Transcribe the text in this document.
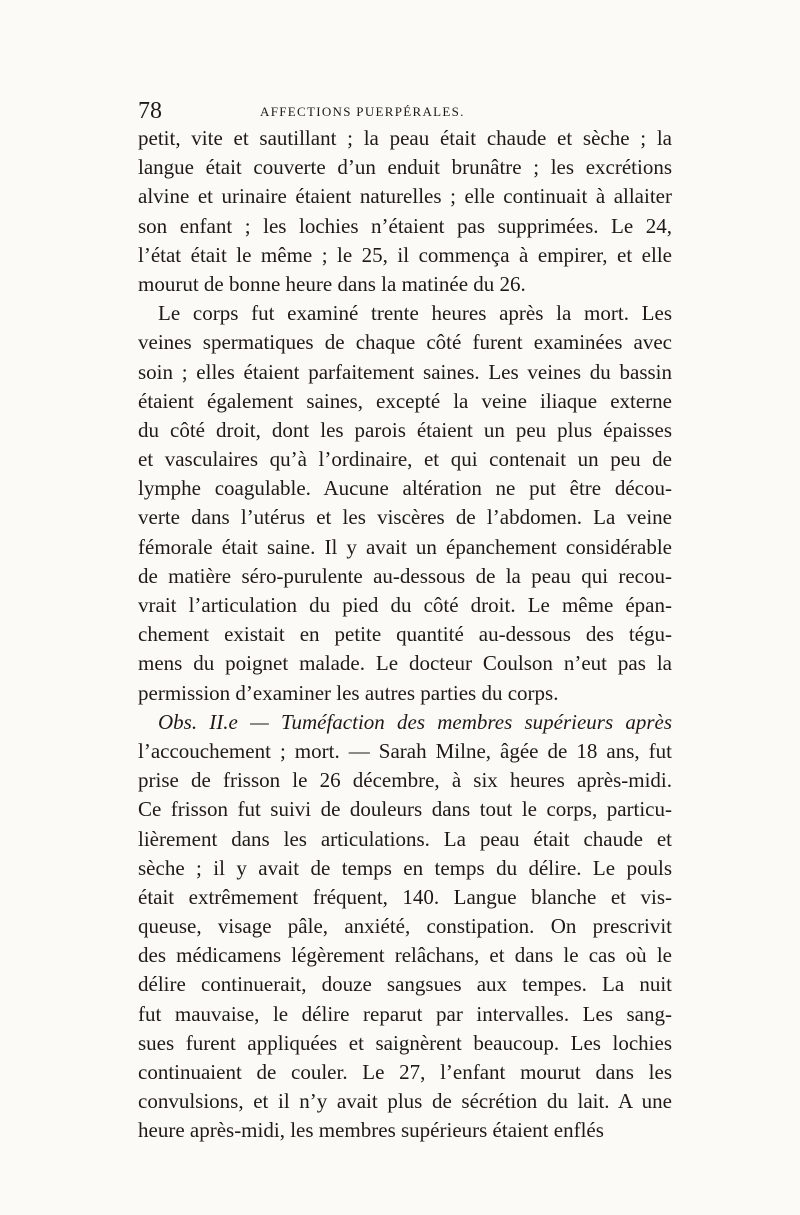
78	AFFECTIONS PUERPÉRALES.
petit, vite et sautillant ; la peau était chaude et sèche ; la
langue était couverte d’un enduit brunâtre ; les excrétions
alvine et urinaire étaient naturelles ; elle continuait à allaiter
son enfant ; les lochies n’étaient pas supprimées. Le 24,
l’état était le même ; le 25, il commença à empirer, et elle
mourut de bonne heure dans la matinée du 26.
Le corps fut examiné trente heures après la mort. Les
veines spermatiques de chaque côté furent examinées avec
soin ; elles étaient parfaitement saines. Les veines du bassin
étaient également saines, excepté la veine iliaque externe
du côté droit, dont les parois étaient un peu plus épaisses
et vasculaires qu’à l’ordinaire, et qui contenait un peu de
lymphe coagulable. Aucune altération ne put être décou-
verte dans l’utérus et les viscères de l’abdomen. La veine
fémorale était saine. Il y avait un épanchement considérable
de matière séro-purulente au-dessous de la peau qui recou-
vrait l’articulation du pied du côté droit. Le même épan-
chement existait en petite quantité au-dessous des tégu-
mens du poignet malade. Le docteur Coulson n’eut pas la
permission d’examiner les autres parties du corps.
Obs. II.e — Tuméfaction des membres supérieurs après
l’accouchement ; mort. — Sarah Milne, âgée de 18 ans, fut
prise de frisson le 26 décembre, à six heures après-midi.
Ce frisson fut suivi de douleurs dans tout le corps, particu-
lièrement dans les articulations. La peau était chaude et
sèche ; il y avait de temps en temps du délire. Le pouls
était extrêmement fréquent, 140. Langue blanche et vis-
queuse, visage pâle, anxiété, constipation. On prescrivit
des médicamens légèrement relâchans, et dans le cas où le
délire continuerait, douze sangsues aux tempes. La nuit
fut mauvaise, le délire reparut par intervalles. Les sang-
sues furent appliquées et saignèrent beaucoup. Les lochies
continuaient de couler. Le 27, l’enfant mourut dans les
convulsions, et il n’y avait plus de sécrétion du lait. A une
heure après-midi, les membres supérieurs étaient enflés
